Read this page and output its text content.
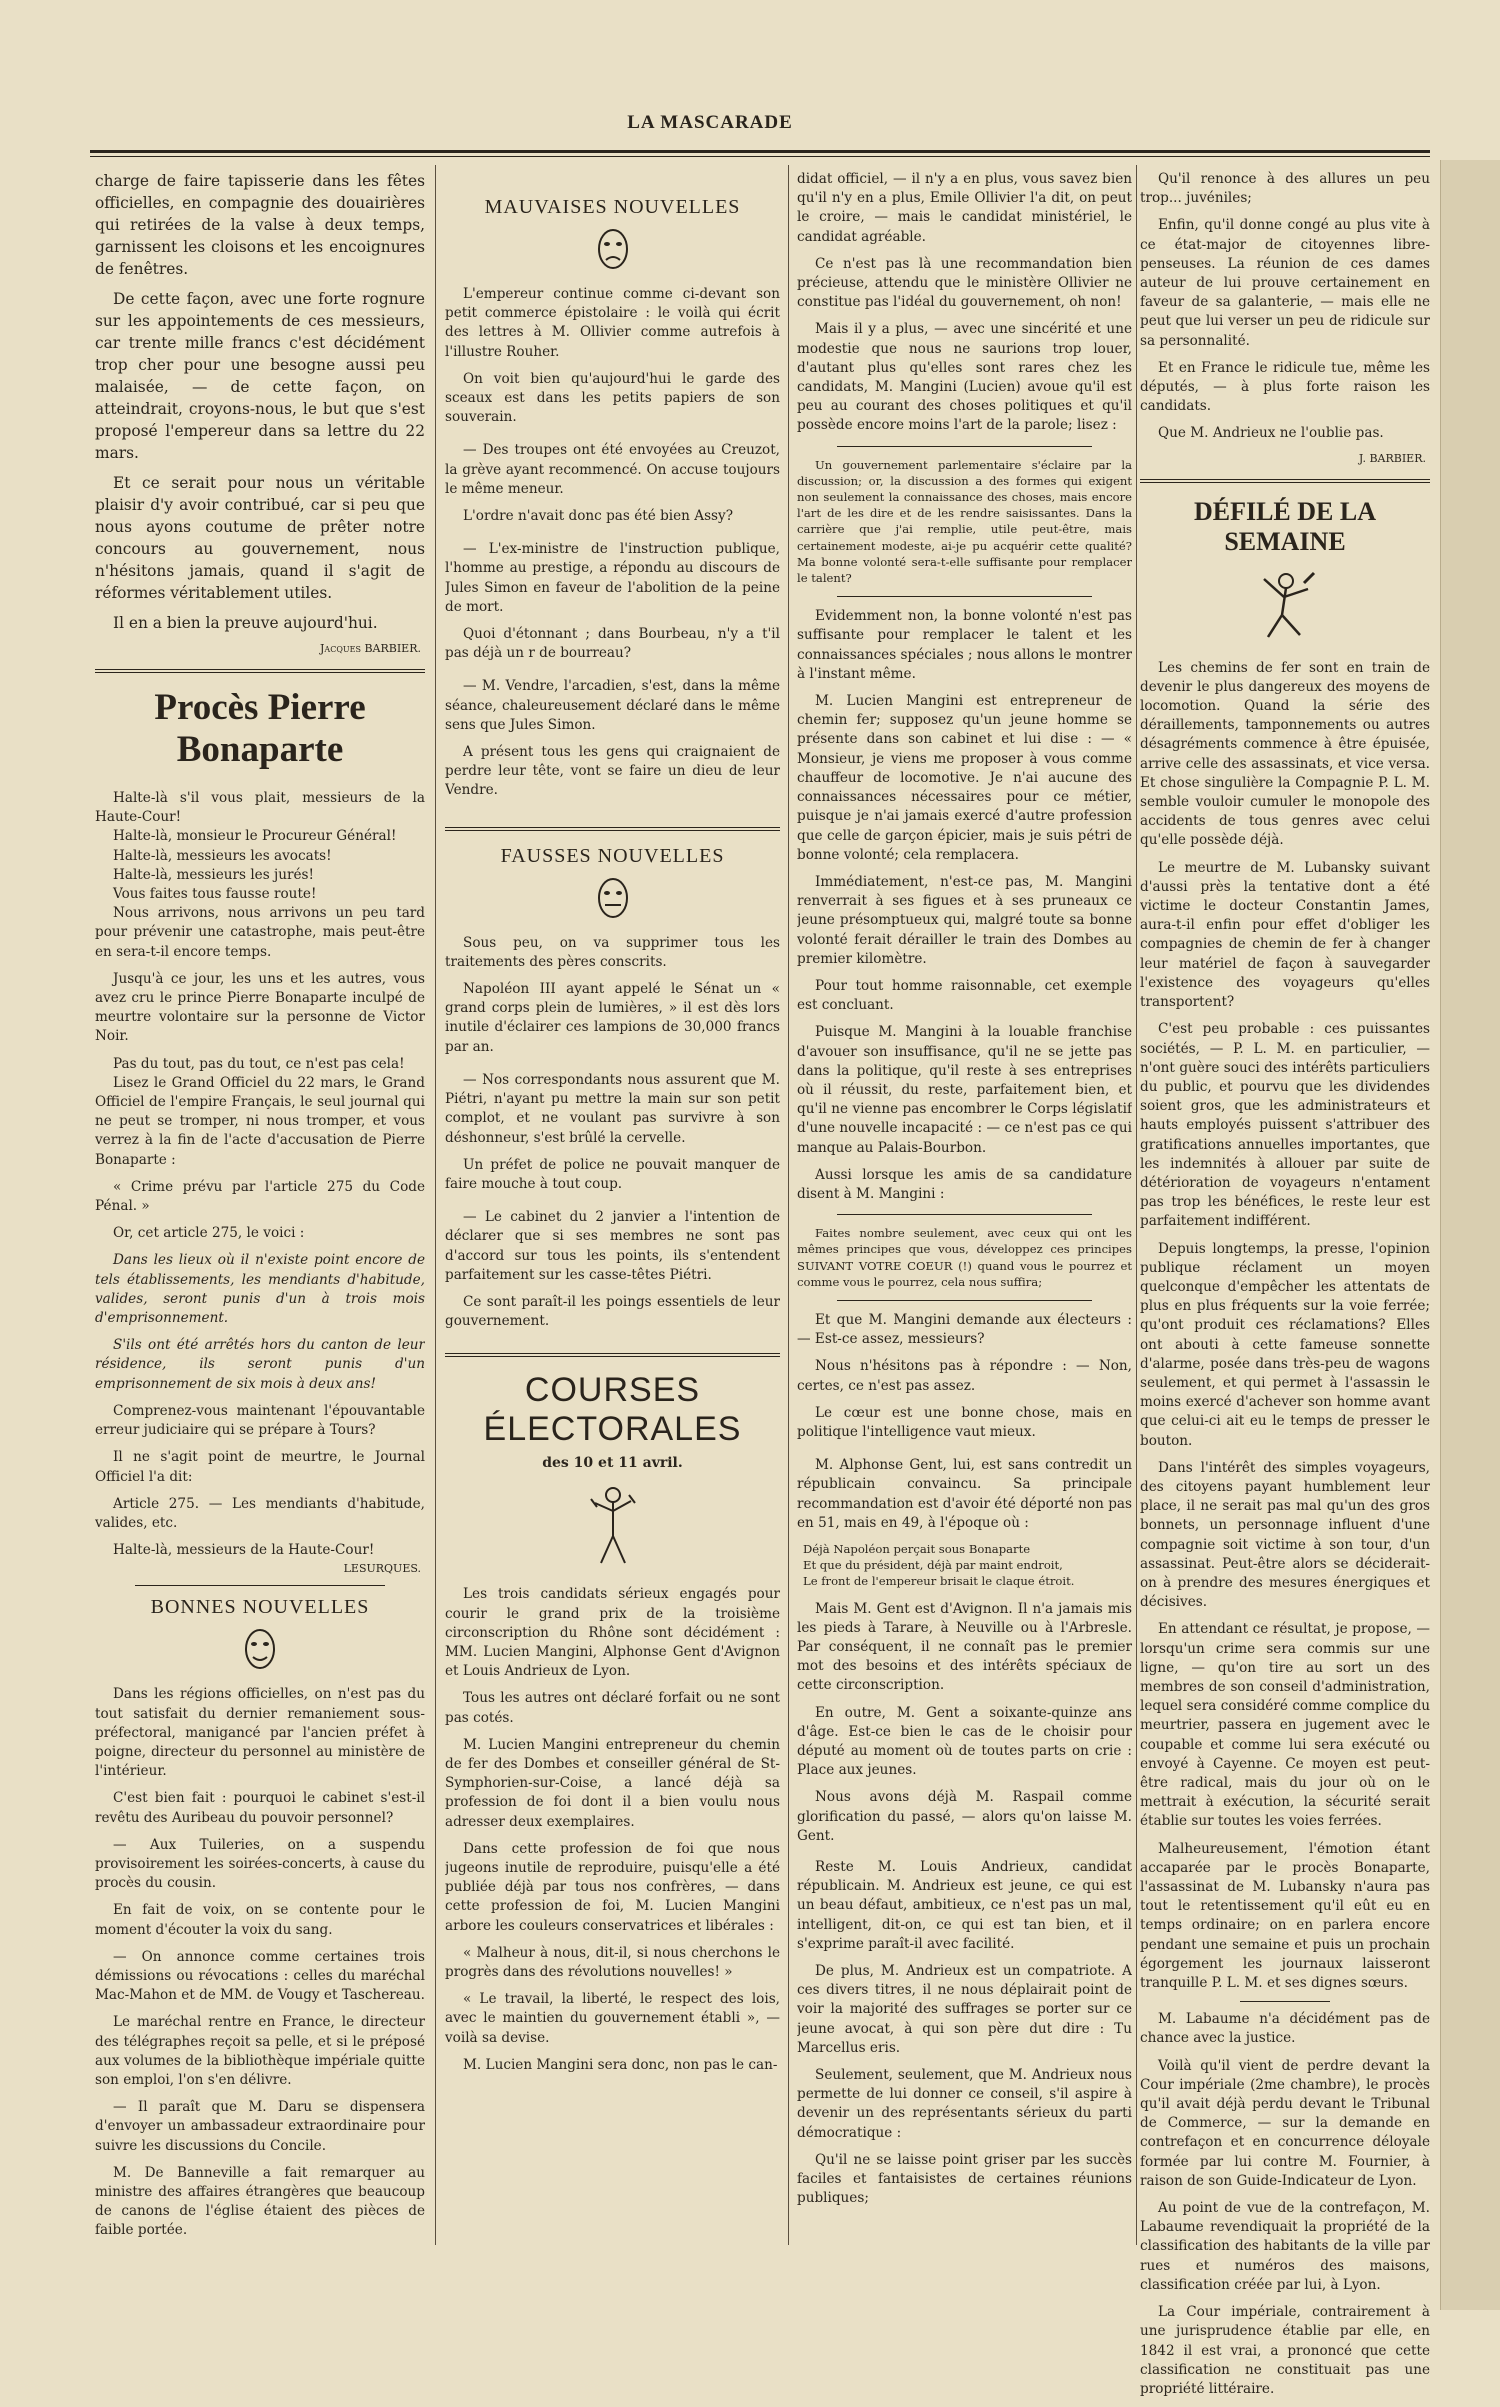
LA MASCARADE

charge de faire tapisserie dans les fêtes officielles, en compagnie des douairières qui retirées de la valse à deux temps, garnissent les cloisons et les encoignures de fenêtres.

De cette façon, avec une forte rognure sur les appointements de ces messieurs, car trente mille francs c'est décidément trop cher pour une besogne aussi peu malaisée, — de cette façon, on atteindrait, croyons-nous, le but que s'est proposé l'empereur dans sa lettre du 22 mars.

Et ce serait pour nous un véritable plaisir d'y avoir contribué, car si peu que nous ayons coutume de prêter notre concours au gouvernement, nous n'hésitons jamais, quand il s'agit de réformes véritablement utiles.

Il en a bien la preuve aujourd'hui.

Jacques BARBIER.
Procès Pierre Bonaparte

Halte-là s'il vous plait, messieurs de la Haute-Cour!

Halte-là, monsieur le Procureur Général!

Halte-là, messieurs les avocats!

Halte-là, messieurs les jurés!

Vous faites tous fausse route!

Nous arrivons, nous arrivons un peu tard pour prévenir une catastrophe, mais peut-être en sera-t-il encore temps.

Jusqu'à ce jour, les uns et les autres, vous avez cru le prince Pierre Bonaparte inculpé de meurtre volontaire sur la personne de Victor Noir.

Pas du tout, pas du tout, ce n'est pas cela!

Lisez le Grand Officiel du 22 mars, le Grand Officiel de l'empire Français, le seul journal qui ne peut se tromper, ni nous tromper, et vous verrez à la fin de l'acte d'accusation de Pierre Bonaparte :

« Crime prévu par l'article 275 du Code Pénal. »

Or, cet article 275, le voici :

Dans les lieux où il n'existe point encore de tels établissements, les mendiants d'habitude, valides, seront punis d'un à trois mois d'emprisonnement.

S'ils ont été arrêtés hors du canton de leur résidence, ils seront punis d'un emprisonnement de six mois à deux ans!

Comprenez-vous maintenant l'épouvantable erreur judiciaire qui se prépare à Tours?

Il ne s'agit point de meurtre, le Journal Officiel l'a dit:

Article 275. — Les mendiants d'habitude, valides, etc.

Halte-là, messieurs de la Haute-Cour!

LESURQUES.
BONNES NOUVELLES

Dans les régions officielles, on n'est pas du tout satisfait du dernier remaniement sous-préfectoral, manigancé par l'ancien préfet à poigne, directeur du personnel au ministère de l'intérieur.

C'est bien fait : pourquoi le cabinet s'est-il revêtu des Auribeau du pouvoir personnel?

— Aux Tuileries, on a suspendu provisoirement les soirées-concerts, à cause du procès du cousin.

En fait de voix, on se contente pour le moment d'écouter la voix du sang.

— On annonce comme certaines trois démissions ou révocations : celles du maréchal Mac-Mahon et de MM. de Vougy et Taschereau.

Le maréchal rentre en France, le directeur des télégraphes reçoit sa pelle, et si le préposé aux volumes de la bibliothèque impériale quitte son emploi, l'on s'en délivre.

— Il paraît que M. Daru se dispensera d'envoyer un ambassadeur extraordinaire pour suivre les discussions du Concile.

M. De Banneville a fait remarquer au ministre des affaires étrangères que beaucoup de canons de l'église étaient des pièces de faible portée.

MAUVAISES NOUVELLES

L'empereur continue comme ci-devant son petit commerce épistolaire : le voilà qui écrit des lettres à M. Ollivier comme autrefois à l'illustre Rouher.

On voit bien qu'aujourd'hui le garde des sceaux est dans les petits papiers de son souverain.

— Des troupes ont été envoyées au Creuzot, la grève ayant recommencé. On accuse toujours le même meneur.

L'ordre n'avait donc pas été bien Assy?

— L'ex-ministre de l'instruction publique, l'homme au prestige, a répondu au discours de Jules Simon en faveur de l'abolition de la peine de mort.

Quoi d'étonnant ; dans Bourbeau, n'y a t'il pas déjà un r de bourreau?

— M. Vendre, l'arcadien, s'est, dans la même séance, chaleureusement déclaré dans le même sens que Jules Simon.

A présent tous les gens qui craignaient de perdre leur tête, vont se faire un dieu de leur Vendre.

FAUSSES NOUVELLES

Sous peu, on va supprimer tous les traitements des pères conscrits.

Napoléon III ayant appelé le Sénat un « grand corps plein de lumières, » il est dès lors inutile d'éclairer ces lampions de 30,000 francs par an.

— Nos correspondants nous assurent que M. Piétri, n'ayant pu mettre la main sur son petit complot, et ne voulant pas survivre à son déshonneur, s'est brûlé la cervelle.

Un préfet de police ne pouvait manquer de faire mouche à tout coup.

— Le cabinet du 2 janvier a l'intention de déclarer que si ses membres ne sont pas d'accord sur tous les points, ils s'entendent parfaitement sur les casse-têtes Piétri.

Ce sont paraît-il les poings essentiels de leur gouvernement.

COURSES ÉLECTORALES
des 10 et 11 avril.

Les trois candidats sérieux engagés pour courir le grand prix de la troisième circonscription du Rhône sont décidément : MM. Lucien Mangini, Alphonse Gent d'Avignon et Louis Andrieux de Lyon.

Tous les autres ont déclaré forfait ou ne sont pas cotés.

M. Lucien Mangini entrepreneur du chemin de fer des Dombes et conseiller général de St-Symphorien-sur-Coise, a lancé déjà sa profession de foi dont il a bien voulu nous adresser deux exemplaires.

Dans cette profession de foi que nous jugeons inutile de reproduire, puisqu'elle a été publiée déjà par tous nos confrères, — dans cette profession de foi, M. Lucien Mangini arbore les couleurs conservatrices et libérales :

« Malheur à nous, dit-il, si nous cherchons le progrès dans des révolutions nouvelles! »

« Le travail, la liberté, le respect des lois, avec le maintien du gouvernement établi », — voilà sa devise.

M. Lucien Mangini sera donc, non pas le can-

didat officiel, — il n'y a en plus, vous savez bien qu'il n'y en a plus, Emile Ollivier l'a dit, on peut le croire, — mais le candidat ministériel, le candidat agréable.

Ce n'est pas là une recommandation bien précieuse, attendu que le ministère Ollivier ne constitue pas l'idéal du gouvernement, oh non!

Mais il y a plus, — avec une sincérité et une modestie que nous ne saurions trop louer, d'autant plus qu'elles sont rares chez les candidats, M. Mangini (Lucien) avoue qu'il est peu au courant des choses politiques et qu'il possède encore moins l'art de la parole; lisez :

Un gouvernement parlementaire s'éclaire par la discussion; or, la discussion a des formes qui exigent non seulement la connaissance des choses, mais encore l'art de les dire et de les rendre saisissantes. Dans la carrière que j'ai remplie, utile peut-être, mais certainement modeste, ai-je pu acquérir cette qualité? Ma bonne volonté sera-t-elle suffisante pour remplacer le talent?

Evidemment non, la bonne volonté n'est pas suffisante pour remplacer le talent et les connaissances spéciales ; nous allons le montrer à l'instant même.

M. Lucien Mangini est entrepreneur de chemin fer; supposez qu'un jeune homme se présente dans son cabinet et lui dise : — « Monsieur, je viens me proposer à vous comme chauffeur de locomotive. Je n'ai aucune des connaissances nécessaires pour ce métier, puisque je n'ai jamais exercé d'autre profession que celle de garçon épicier, mais je suis pétri de bonne volonté; cela remplacera.

Immédiatement, n'est-ce pas, M. Mangini renverrait à ses figues et à ses pruneaux ce jeune présomptueux qui, malgré toute sa bonne volonté ferait dérailler le train des Dombes au premier kilomètre.

Pour tout homme raisonnable, cet exemple est concluant.

Puisque M. Mangini à la louable franchise d'avouer son insuffisance, qu'il ne se jette pas dans la politique, qu'il reste à ses entreprises où il réussit, du reste, parfaitement bien, et qu'il ne vienne pas encombrer le Corps législatif d'une nouvelle incapacité : — ce n'est pas ce qui manque au Palais-Bourbon.

Aussi lorsque les amis de sa candidature disent à M. Mangini :

Faites nombre seulement, avec ceux qui ont les mêmes principes que vous, développez ces principes SUIVANT VOTRE COEUR (!) quand vous le pourrez et comme vous le pourrez, cela nous suffira;

Et que M. Mangini demande aux électeurs : — Est-ce assez, messieurs?

Nous n'hésitons pas à répondre : — Non, certes, ce n'est pas assez.

Le cœur est une bonne chose, mais en politique l'intelligence vaut mieux.

M. Alphonse Gent, lui, est sans contredit un républicain convaincu. Sa principale recommandation est d'avoir été déporté non pas en 51, mais en 49, à l'époque où :

Déjà Napoléon perçait sous Bonaparte
Et que du président, déjà par maint endroit,
Le front de l'empereur brisait le claque étroit.

Mais M. Gent est d'Avignon. Il n'a jamais mis les pieds à Tarare, à Neuville ou à l'Arbresle. Par conséquent, il ne connaît pas le premier mot des besoins et des intérêts spéciaux de cette circonscription.

En outre, M. Gent a soixante-quinze ans d'âge. Est-ce bien le cas de le choisir pour député au moment où de toutes parts on crie : Place aux jeunes.

Nous avons déjà M. Raspail comme glorification du passé, — alors qu'on laisse M. Gent.

Reste M. Louis Andrieux, candidat républicain. M. Andrieux est jeune, ce qui est un beau défaut, ambitieux, ce n'est pas un mal, intelligent, dit-on, ce qui est tan bien, et il s'exprime paraît-il avec facilité.

De plus, M. Andrieux est un compatriote. A ces divers titres, il ne nous déplairait point de voir la majorité des suffrages se porter sur ce jeune avocat, à qui son père dut dire : Tu Marcellus eris.

Seulement, seulement, que M. Andrieux nous permette de lui donner ce conseil, s'il aspire à devenir un des représentants sérieux du parti démocratique :

Qu'il ne se laisse point griser par les succès faciles et fantaisistes de certaines réunions publiques;

Qu'il renonce à des allures un peu trop... juvéniles;

Enfin, qu'il donne congé au plus vite à ce état-major de citoyennes libre-penseuses. La réunion de ces dames auteur de lui prouve certainement en faveur de sa galanterie, — mais elle ne peut que lui verser un peu de ridicule sur sa personnalité.

Et en France le ridicule tue, même les députés, — à plus forte raison les candidats.

Que M. Andrieux ne l'oublie pas.

J. BARBIER.
DÉFILÉ DE LA SEMAINE

Les chemins de fer sont en train de devenir le plus dangereux des moyens de locomotion. Quand la série des déraillements, tamponnements ou autres désagréments commence à être épuisée, arrive celle des assassinats, et vice versa. Et chose singulière la Compagnie P. L. M. semble vouloir cumuler le monopole des accidents de tous genres avec celui qu'elle possède déjà.

Le meurtre de M. Lubansky suivant d'aussi près la tentative dont a été victime le docteur Constantin James, aura-t-il enfin pour effet d'obliger les compagnies de chemin de fer à changer leur matériel de façon à sauvegarder l'existence des voyageurs qu'elles transportent?

C'est peu probable : ces puissantes sociétés, — P. L. M. en particulier, — n'ont guère souci des intérêts particuliers du public, et pourvu que les dividendes soient gros, que les administrateurs et hauts employés puissent s'attribuer des gratifications annuelles importantes, que les indemnités à allouer par suite de détérioration de voyageurs n'entament pas trop les bénéfices, le reste leur est parfaitement indifférent.

Depuis longtemps, la presse, l'opinion publique réclament un moyen quelconque d'empêcher les attentats de plus en plus fréquents sur la voie ferrée; qu'ont produit ces réclamations? Elles ont abouti à cette fameuse sonnette d'alarme, posée dans très-peu de wagons seulement, et qui permet à l'assassin le moins exercé d'achever son homme avant que celui-ci ait eu le temps de presser le bouton.

Dans l'intérêt des simples voyageurs, des citoyens payant humblement leur place, il ne serait pas mal qu'un des gros bonnets, un personnage influent d'une compagnie soit victime à son tour, d'un assassinat. Peut-être alors se déciderait-on à prendre des mesures énergiques et décisives.

En attendant ce résultat, je propose, — lorsqu'un crime sera commis sur une ligne, — qu'on tire au sort un des membres de son conseil d'administration, lequel sera considéré comme complice du meurtrier, passera en jugement avec le coupable et comme lui sera exécuté ou envoyé à Cayenne. Ce moyen est peut-être radical, mais du jour où on le mettrait à exécution, la sécurité serait établie sur toutes les voies ferrées.

Malheureusement, l'émotion étant accaparée par le procès Bonaparte, l'assassinat de M. Lubansky n'aura pas tout le retentissement qu'il eût eu en temps ordinaire; on en parlera encore pendant une semaine et puis un prochain égorgement les journaux laisseront tranquille P. L. M. et ses dignes sœurs.

M. Labaume n'a décidément pas de chance avec la justice.

Voilà qu'il vient de perdre devant la Cour impériale (2me chambre), le procès qu'il avait déjà perdu devant le Tribunal de Commerce, — sur la demande en contrefaçon et en concurrence déloyale formée par lui contre M. Fournier, à raison de son Guide-Indicateur de Lyon.

Au point de vue de la contrefaçon, M. Labaume revendiquait la propriété de la classification des habitants de la ville par rues et numéros des maisons, classification créée par lui, à Lyon.

La Cour impériale, contrairement à une jurisprudence établie par elle, en 1842 il est vrai, a prononcé que cette classification ne constituait pas une propriété littéraire.
